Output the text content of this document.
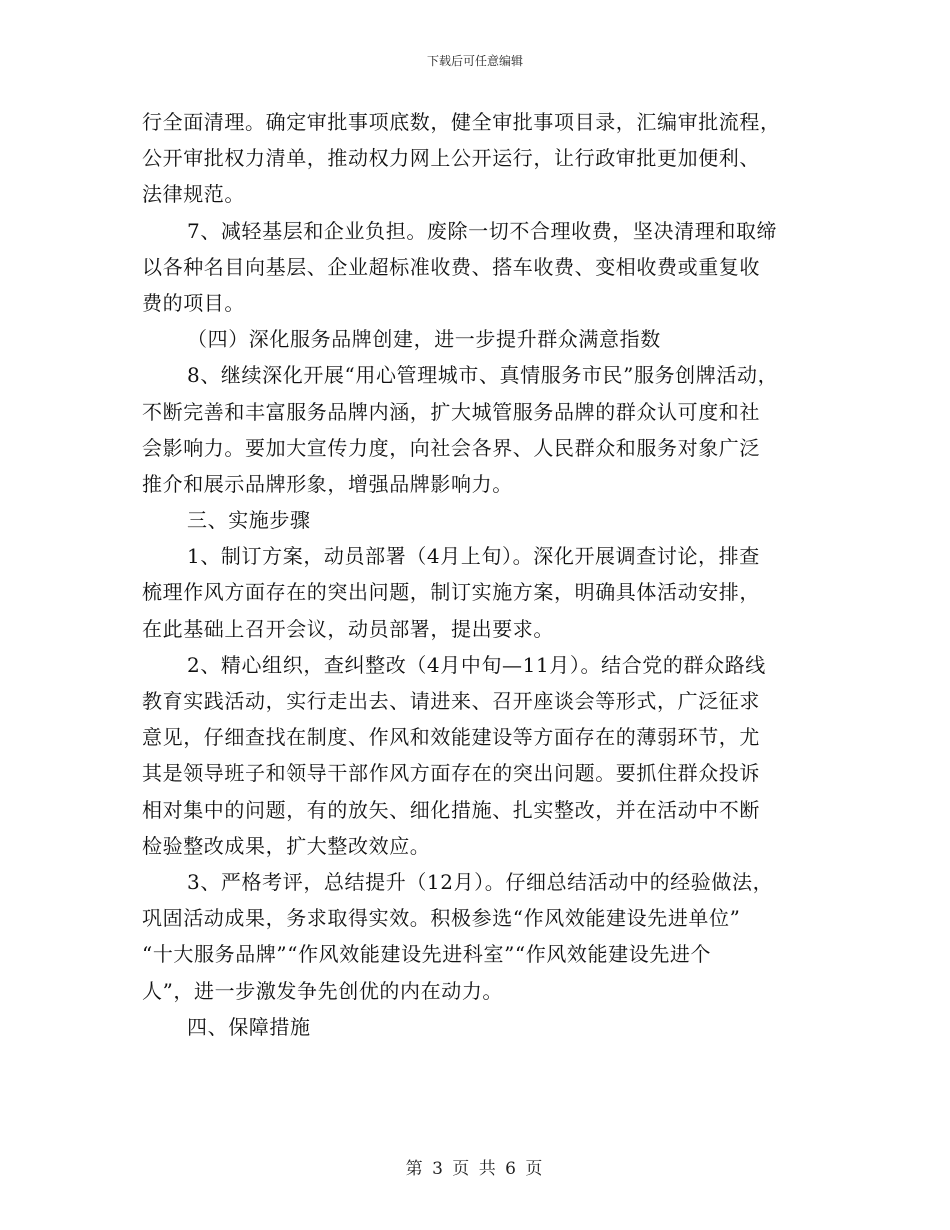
下载后可任意编辑
行全面清理。确定审批事项底数，健全审批事项目录，汇编审批流程，
公开审批权力清单，推动权力网上公开运行，让行政审批更加便利、
法律规范。
7、减轻基层和企业负担。废除一切不合理收费，坚决清理和取缔
以各种名目向基层、企业超标准收费、搭车收费、变相收费或重复收
费的项目。
（四）深化服务品牌创建，进一步提升群众满意指数
8、继续深化开展“用心管理城市、真情服务市民”服务创牌活动，
不断完善和丰富服务品牌内涵，扩大城管服务品牌的群众认可度和社
会影响力。要加大宣传力度，向社会各界、人民群众和服务对象广泛
推介和展示品牌形象，增强品牌影响力。
三、实施步骤
1、制订方案，动员部署（4月上旬）。深化开展调查讨论，排查
梳理作风方面存在的突出问题，制订实施方案，明确具体活动安排，
在此基础上召开会议，动员部署，提出要求。
2、精心组织，查纠整改（4月中旬—11月）。结合党的群众路线
教育实践活动，实行走出去、请进来、召开座谈会等形式，广泛征求
意见，仔细查找在制度、作风和效能建设等方面存在的薄弱环节，尤
其是领导班子和领导干部作风方面存在的突出问题。要抓住群众投诉
相对集中的问题，有的放矢、细化措施、扎实整改，并在活动中不断
检验整改成果，扩大整改效应。
3、严格考评，总结提升（12月）。仔细总结活动中的经验做法，
巩固活动成果，务求取得实效。积极参选“作风效能建设先进单位”
“十大服务品牌”“作风效能建设先进科室”“作风效能建设先进个
人”，进一步激发争先创优的内在动力。
四、保障措施
第 3 页 共 6 页
